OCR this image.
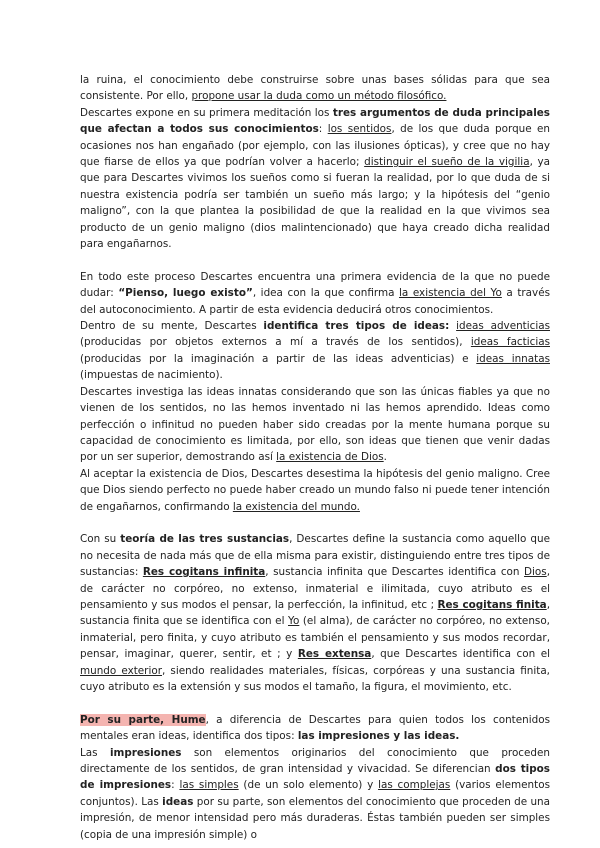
la ruina, el conocimiento debe construirse sobre unas bases sólidas para que sea consistente. Por ello, propone usar la duda como un método filosófico.

Descartes expone en su primera meditación los tres argumentos de duda principales que afectan a todos sus conocimientos: los sentidos, de los que duda porque en ocasiones nos han engañado (por ejemplo, con las ilusiones ópticas), y cree que no hay que fiarse de ellos ya que podrían volver a hacerlo; distinguir el sueño de la vigilia, ya que para Descartes vivimos los sueños como si fueran la realidad, por lo que duda de si nuestra existencia podría ser también un sueño más largo; y la hipótesis del “genio maligno”, con la que plantea la posibilidad de que la realidad en la que vivimos sea producto de un genio maligno (dios malintencionado) que haya creado dicha realidad para engañarnos.

En todo este proceso Descartes encuentra una primera evidencia de la que no puede dudar: “Pienso, luego existo”, idea con la que confirma la existencia del Yo a través del autoconocimiento. A partir de esta evidencia deducirá otros conocimientos.

Dentro de su mente, Descartes identifica tres tipos de ideas: ideas adventicias (producidas por objetos externos a mí a través de los sentidos), ideas facticias (producidas por la imaginación a partir de las ideas adventicias) e ideas innatas (impuestas de nacimiento).

Descartes investiga las ideas innatas considerando que son las únicas fiables ya que no vienen de los sentidos, no las hemos inventado ni las hemos aprendido. Ideas como perfección o infinitud no pueden haber sido creadas por la mente humana porque su capacidad de conocimiento es limitada, por ello, son ideas que tienen que venir dadas por un ser superior, demostrando así la existencia de Dios.

Al aceptar la existencia de Dios, Descartes desestima la hipótesis del genio maligno. Cree que Dios siendo perfecto no puede haber creado un mundo falso ni puede tener intención de engañarnos, confirmando la existencia del mundo.

Con su teoría de las tres sustancias, Descartes define la sustancia como aquello que no necesita de nada más que de ella misma para existir, distinguiendo entre tres tipos de sustancias: Res cogitans infinita, sustancia infinita que Descartes identifica con Dios, de carácter no corpóreo, no extenso, inmaterial e ilimitada, cuyo atributo es el pensamiento y sus modos el pensar, la perfección, la infinitud, etc ; Res cogitans finita, sustancia finita que se identifica con el Yo (el alma), de carácter no corpóreo, no extenso, inmaterial, pero finita, y cuyo atributo es también el pensamiento y sus modos recordar, pensar, imaginar, querer, sentir, et ; y Res extensa, que Descartes identifica con el mundo exterior, siendo realidades materiales, físicas, corpóreas y una sustancia finita, cuyo atributo es la extensión y sus modos el tamaño, la figura, el movimiento, etc.

Por su parte, Hume, a diferencia de Descartes para quien todos los contenidos mentales eran ideas, identifica dos tipos: las impresiones y las ideas.

Las impresiones son elementos originarios del conocimiento que proceden directamente de los sentidos, de gran intensidad y vivacidad. Se diferencian dos tipos de impresiones: las simples (de un solo elemento) y las complejas (varios elementos conjuntos). Las ideas por su parte, son elementos del conocimiento que proceden de una impresión, de menor intensidad pero más duraderas. Éstas también pueden ser simples (copia de una impresión simple) o
